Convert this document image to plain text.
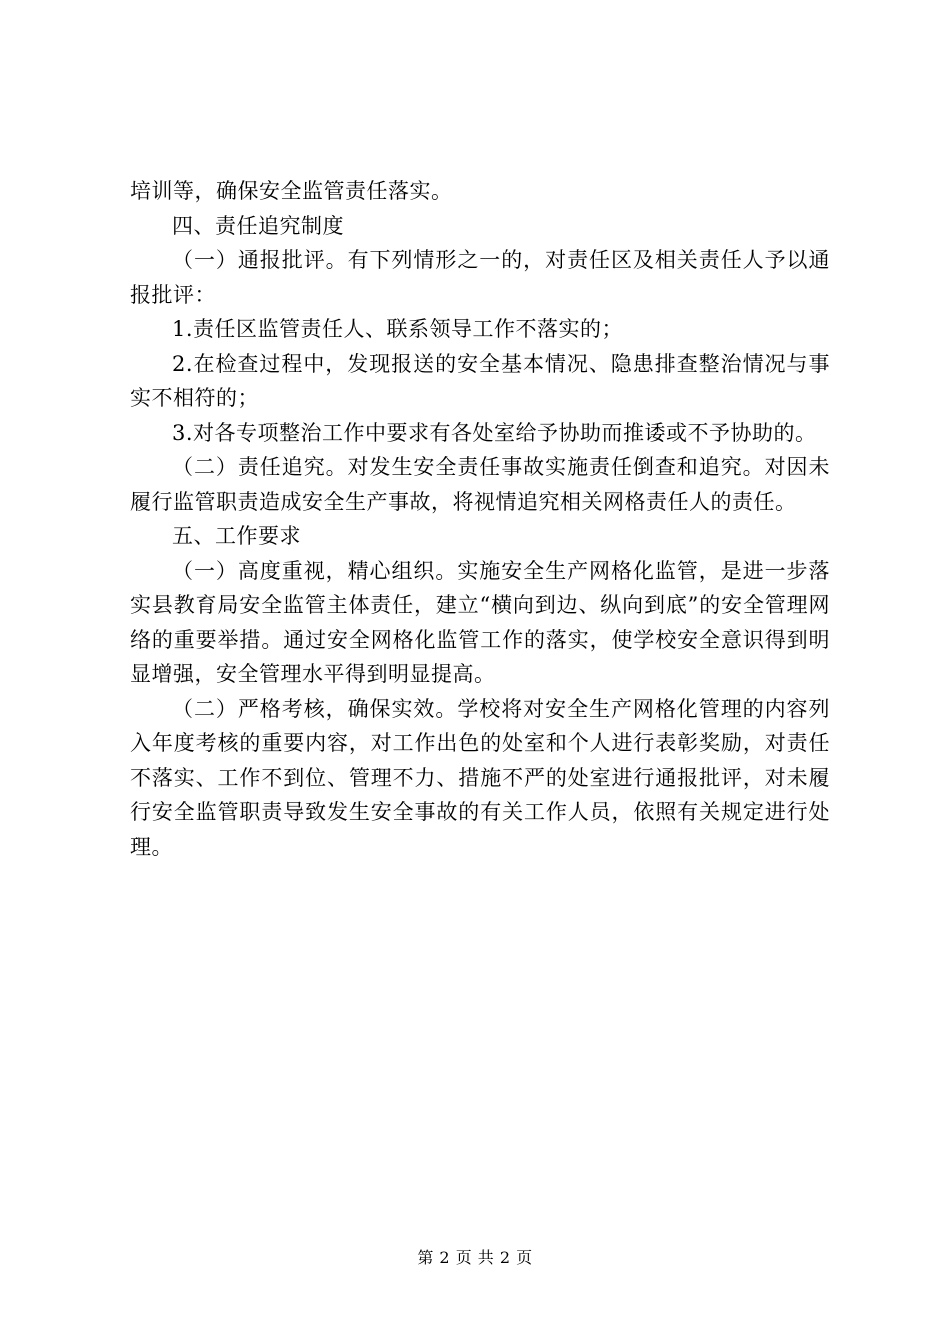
培训等，确保安全监管责任落实。

四、责任追究制度

（一）通报批评。有下列情形之一的，对责任区及相关责任人予以通报批评：

1.责任区监管责任人、联系领导工作不落实的；

2.在检查过程中，发现报送的安全基本情况、隐患排查整治情况与事实不相符的；

3.对各专项整治工作中要求有各处室给予协助而推诿或不予协助的。

（二）责任追究。对发生安全责任事故实施责任倒查和追究。对因未履行监管职责造成安全生产事故，将视情追究相关网格责任人的责任。

五、工作要求

（一）高度重视，精心组织。实施安全生产网格化监管，是进一步落实县教育局安全监管主体责任，建立“横向到边、纵向到底”的安全管理网络的重要举措。通过安全网格化监管工作的落实，使学校安全意识得到明显增强，安全管理水平得到明显提高。

（二）严格考核，确保实效。学校将对安全生产网格化管理的内容列入年度考核的重要内容，对工作出色的处室和个人进行表彰奖励，对责任不落实、工作不到位、管理不力、措施不严的处室进行通报批评，对未履行安全监管职责导致发生安全事故的有关工作人员，依照有关规定进行处理。

第 2 页 共 2 页
